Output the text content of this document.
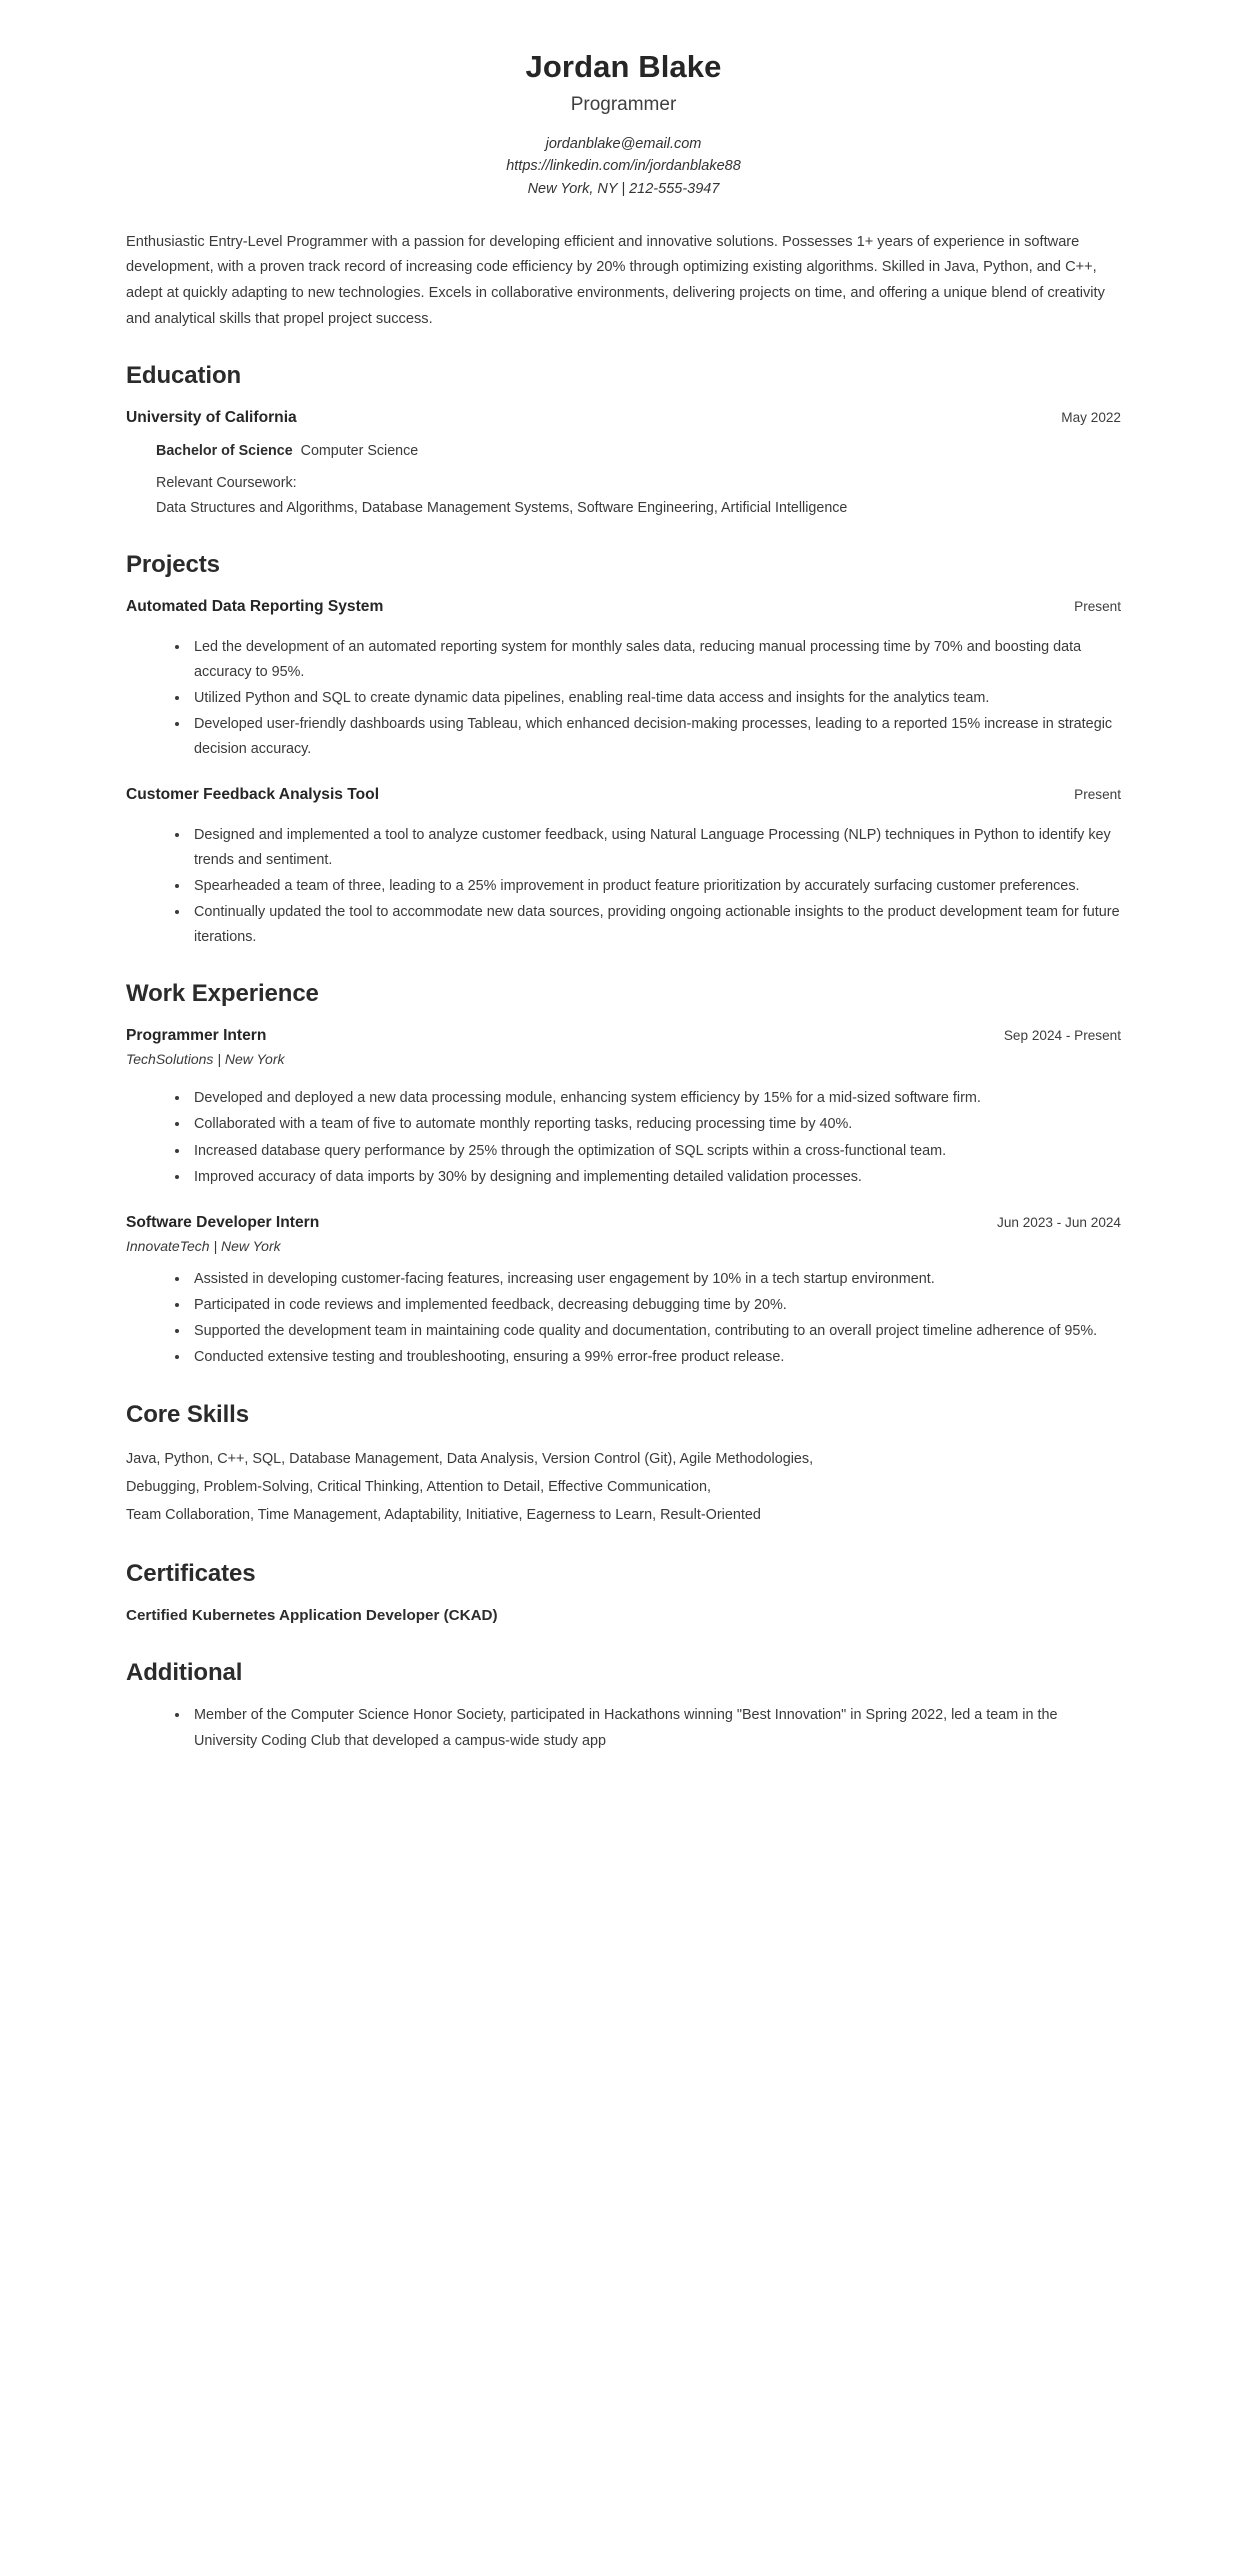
Jordan Blake
Programmer
jordanblake@email.com
https://linkedin.com/in/jordanblake88
New York, NY | 212-555-3947
Enthusiastic Entry-Level Programmer with a passion for developing efficient and innovative solutions. Possesses 1+ years of experience in software development, with a proven track record of increasing code efficiency by 20% through optimizing existing algorithms. Skilled in Java, Python, and C++, adept at quickly adapting to new technologies. Excels in collaborative environments, delivering projects on time, and offering a unique blend of creativity and analytical skills that propel project success.
Education
University of California	May 2022
Bachelor of Science Computer Science
Relevant Coursework:
Data Structures and Algorithms, Database Management Systems, Software Engineering, Artificial Intelligence
Projects
Automated Data Reporting System	Present
Led the development of an automated reporting system for monthly sales data, reducing manual processing time by 70% and boosting data accuracy to 95%.
Utilized Python and SQL to create dynamic data pipelines, enabling real-time data access and insights for the analytics team.
Developed user-friendly dashboards using Tableau, which enhanced decision-making processes, leading to a reported 15% increase in strategic decision accuracy.
Customer Feedback Analysis Tool	Present
Designed and implemented a tool to analyze customer feedback, using Natural Language Processing (NLP) techniques in Python to identify key trends and sentiment.
Spearheaded a team of three, leading to a 25% improvement in product feature prioritization by accurately surfacing customer preferences.
Continually updated the tool to accommodate new data sources, providing ongoing actionable insights to the product development team for future iterations.
Work Experience
Programmer Intern	Sep 2024 - Present
TechSolutions | New York
Developed and deployed a new data processing module, enhancing system efficiency by 15% for a mid-sized software firm.
Collaborated with a team of five to automate monthly reporting tasks, reducing processing time by 40%.
Increased database query performance by 25% through the optimization of SQL scripts within a cross-functional team.
Improved accuracy of data imports by 30% by designing and implementing detailed validation processes.
Software Developer Intern	Jun 2023 - Jun 2024
InnovateTech | New York
Assisted in developing customer-facing features, increasing user engagement by 10% in a tech startup environment.
Participated in code reviews and implemented feedback, decreasing debugging time by 20%.
Supported the development team in maintaining code quality and documentation, contributing to an overall project timeline adherence of 95%.
Conducted extensive testing and troubleshooting, ensuring a 99% error-free product release.
Core Skills
Java, Python, C++, SQL, Database Management, Data Analysis, Version Control (Git), Agile Methodologies,
Debugging, Problem-Solving, Critical Thinking, Attention to Detail, Effective Communication,
Team Collaboration, Time Management, Adaptability, Initiative, Eagerness to Learn, Result-Oriented
Certificates
Certified Kubernetes Application Developer (CKAD)
Additional
Member of the Computer Science Honor Society, participated in Hackathons winning "Best Innovation" in Spring 2022, led a team in the University Coding Club that developed a campus-wide study app
